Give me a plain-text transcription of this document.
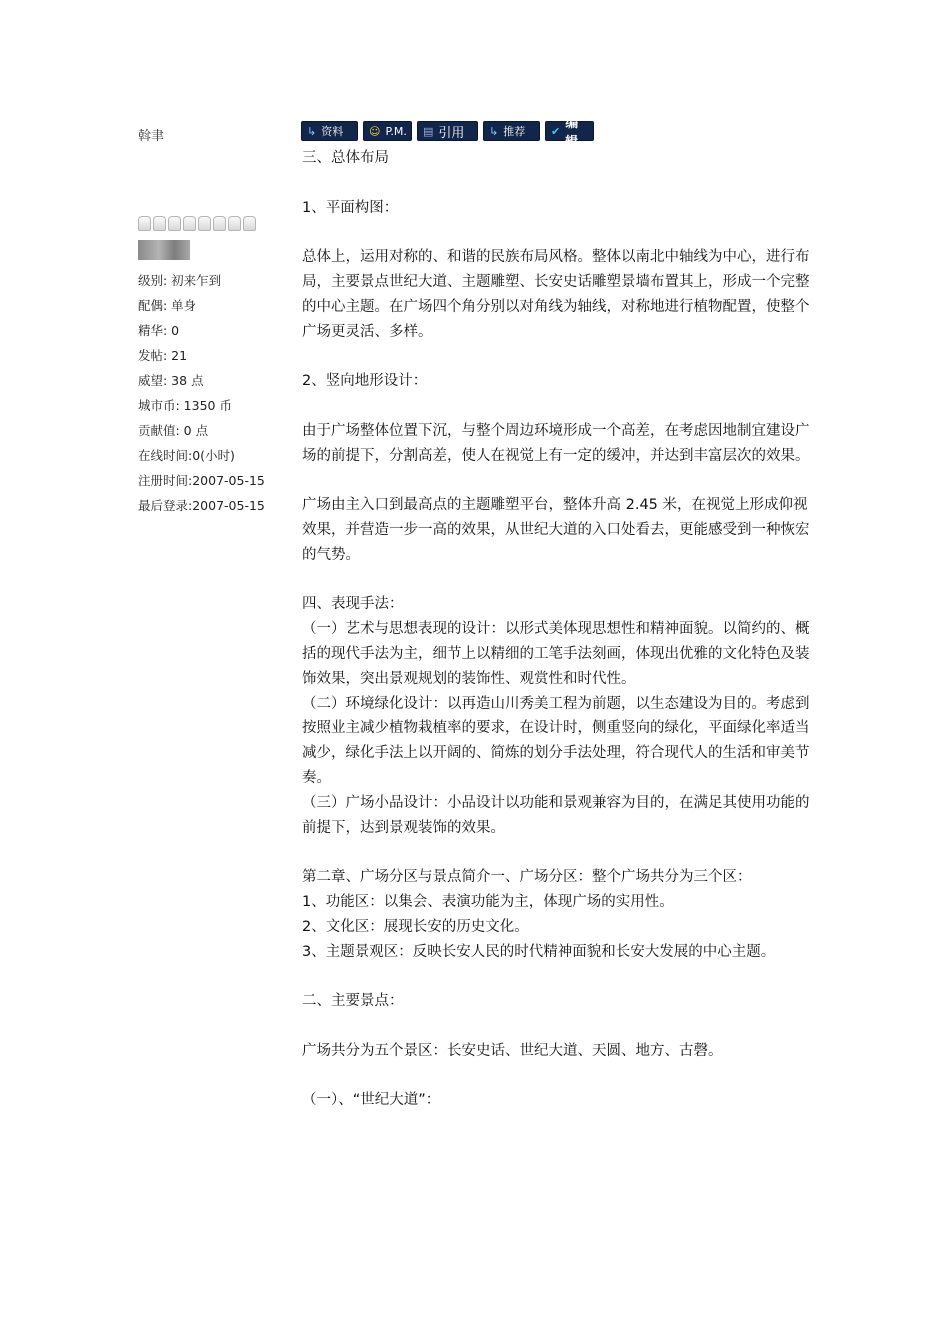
斡聿

级别: 初来乍到

配偶: 单身

精华: 0

发帖: 21

威望: 38 点

城市币: 1350 币

贡献值: 0 点

在线时间:0(小时)

注册时间:2007-05-15

最后登录:2007-05-15

↳ 资料 ☺ P.M. ▤ 引用 ↳ 推荐 ✔ 编辑

三、总体布局

1、平面构图：

总体上，运用对称的、和谐的民族布局风格。整体以南北中轴线为中心，进行布局，主要景点世纪大道、主题雕塑、长安史话雕塑景墙布置其上，形成一个完整的中心主题。在广场四个角分别以对角线为轴线，对称地进行植物配置，使整个广场更灵活、多样。

2、竖向地形设计：

由于广场整体位置下沉，与整个周边环境形成一个高差，在考虑因地制宜建设广场的前提下，分割高差，使人在视觉上有一定的缓冲，并达到丰富层次的效果。

广场由主入口到最高点的主题雕塑平台，整体升高 2.45 米，在视觉上形成仰视效果，并营造一步一高的效果，从世纪大道的入口处看去，更能感受到一种恢宏的气势。

四、表现手法：

（一）艺术与思想表现的设计：以形式美体现思想性和精神面貌。以简约的、概括的现代手法为主，细节上以精细的工笔手法刻画，体现出优雅的文化特色及装饰效果，突出景观规划的装饰性、观赏性和时代性。

（二）环境绿化设计：以再造山川秀美工程为前题，以生态建设为目的。考虑到按照业主减少植物栽植率的要求，在设计时，侧重竖向的绿化，平面绿化率适当减少，绿化手法上以开阔的、简炼的划分手法处理，符合现代人的生活和审美节奏。

（三）广场小品设计：小品设计以功能和景观兼容为目的，在满足其使用功能的前提下，达到景观装饰的效果。

第二章、广场分区与景点简介一、广场分区：整个广场共分为三个区：

1、功能区：以集会、表演功能为主，体现广场的实用性。

2、文化区：展现长安的历史文化。

3、主题景观区：反映长安人民的时代精神面貌和长安大发展的中心主题。

二、主要景点：

广场共分为五个景区：长安史话、世纪大道、天圆、地方、古磬。

（一）、“世纪大道”：
